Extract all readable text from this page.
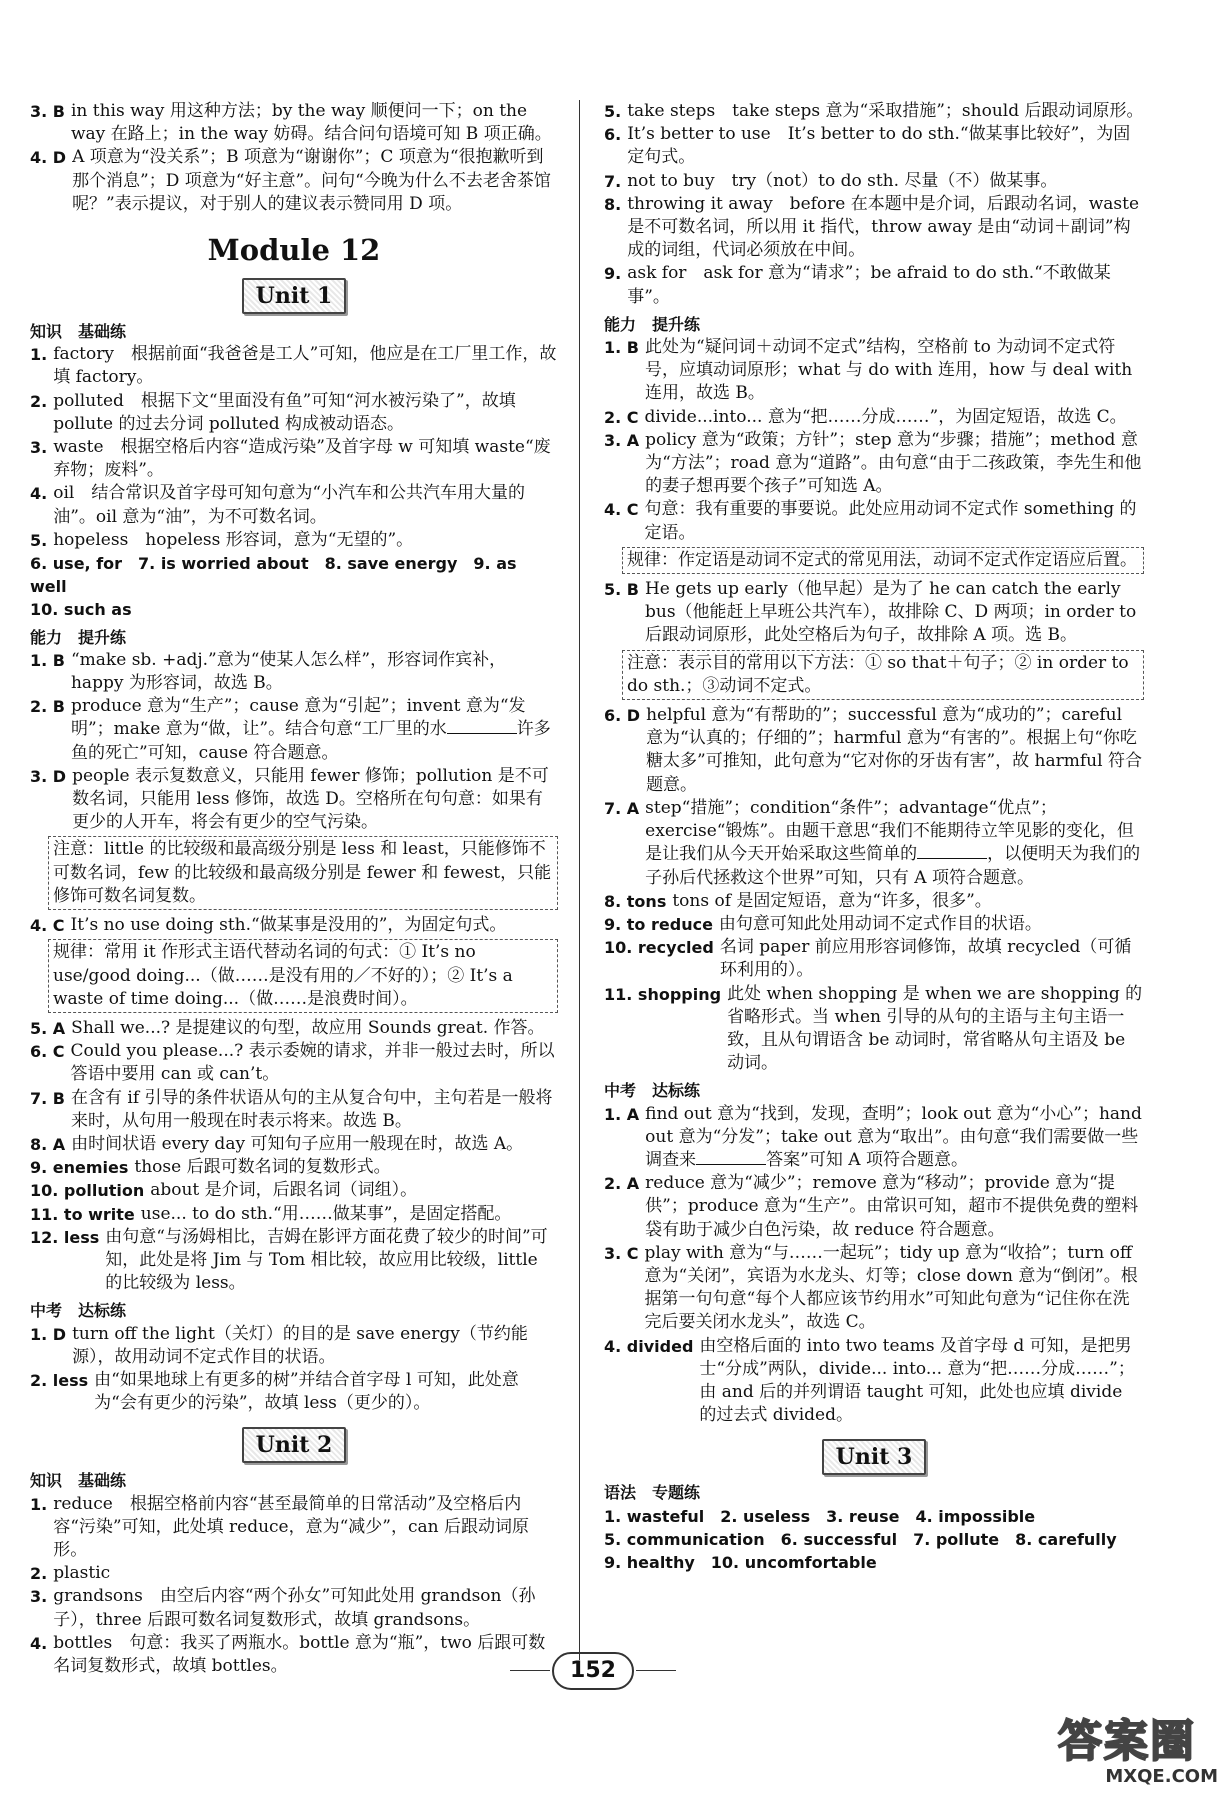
3. B in this way 用这种方法；by the way 顺便问一下；on the way 在路上；in the way 妨碍。结合问句语境可知 B 项正确。
4. D A 项意为“没关系”；B 项意为“谢谢你”；C 项意为“很抱歉听到那个消息”；D 项意为“好主意”。问句“今晚为什么不去老舍茶馆呢？”表示提议，对于别人的建议表示赞同用 D 项。
Module 12
Unit 1
知识　基础练
1. factory　根据前面“我爸爸是工人”可知，他应是在工厂里工作，故填 factory。
2. polluted　根据下文“里面没有鱼”可知“河水被污染了”，故填 pollute 的过去分词 polluted 构成被动语态。
3. waste　根据空格后内容“造成污染”及首字母 w 可知填 waste“废弃物；废料”。
4. oil　结合常识及首字母可知句意为“小汽车和公共汽车用大量的油”。oil 意为“油”，为不可数名词。
5. hopeless　hopeless 形容词，意为“无望的”。

6. use, for　7. is worried about　8. save energy　9. as well

10. such as

能力　提升练
1. B “make sb. +adj.”意为“使某人怎么样”，形容词作宾补，happy 为形容词，故选 B。
2. B produce 意为“生产”；cause 意为“引起”；invent 意为“发明”；make 意为“做，让”。结合句意“工厂里的水	许多鱼的死亡”可知，cause 符合题意。
3. D people 表示复数意义，只能用 fewer 修饰；pollution 是不可数名词，只能用 less 修饰，故选 D。空格所在句句意：如果有更少的人开车，将会有更少的空气污染。
注意：little 的比较级和最高级分别是 less 和 least，只能修饰不可数名词，few 的比较级和最高级分别是 fewer 和 fewest，只能修饰可数名词复数。
4. C It’s no use doing sth.“做某事是没用的”，为固定句式。
规律：常用 it 作形式主语代替动名词的句式：① It’s no use/good doing...（做……是没有用的／不好的）；② It’s a waste of time doing...（做……是浪费时间）。
5. A Shall we...? 是提建议的句型，故应用 Sounds great. 作答。
6. C Could you please...? 表示委婉的请求，并非一般过去时，所以答语中要用 can 或 can’t。
7. B 在含有 if 引导的条件状语从句的主从复合句中，主句若是一般将来时，从句用一般现在时表示将来。故选 B。
8. A 由时间状语 every day 可知句子应用一般现在时，故选 A。
9. enemies those 后跟可数名词的复数形式。
10. pollution about 是介词，后跟名词（词组）。
11. to write use... to do sth.“用……做某事”，是固定搭配。
12. less 由句意“与汤姆相比，吉姆在影评方面花费了较少的时间”可知，此处是将 Jim 与 Tom 相比较，故应用比较级，little 的比较级为 less。
中考　达标练
1. D turn off the light（关灯）的目的是 save energy（节约能源），故用动词不定式作目的状语。
2. less 由“如果地球上有更多的树”并结合首字母 l 可知，此处意为“会有更少的污染”，故填 less（更少的）。
Unit 2
知识　基础练
1. reduce　根据空格前内容“甚至最简单的日常活动”及空格后内容“污染”可知，此处填 reduce，意为“减少”，can 后跟动词原形。
2. plastic
3. grandsons　由空后内容“两个孙女”可知此处用 grandson（孙子），three 后跟可数名词复数形式，故填 grandsons。
4. bottles　句意：我买了两瓶水。bottle 意为“瓶”，two 后跟可数名词复数形式，故填 bottles。
5. take steps　take steps 意为“采取措施”；should 后跟动词原形。
6. It’s better to use　It’s better to do sth.“做某事比较好”，为固定句式。
7. not to buy　try（not）to do sth. 尽量（不）做某事。
8. throwing it away　before 在本题中是介词，后跟动名词，waste 是不可数名词，所以用 it 指代，throw away 是由“动词＋副词”构成的词组，代词必须放在中间。
9. ask for　ask for 意为“请求”；be afraid to do sth.“不敢做某事”。
能力　提升练
1. B 此处为“疑问词＋动词不定式”结构，空格前 to 为动词不定式符号，应填动词原形；what 与 do with 连用，how 与 deal with 连用，故选 B。
2. C divide...into... 意为“把……分成……”，为固定短语，故选 C。
3. A policy 意为“政策；方针”；step 意为“步骤；措施”；method 意为“方法”；road 意为“道路”。由句意“由于二孩政策，李先生和他的妻子想再要个孩子”可知选 A。
4. C 句意：我有重要的事要说。此处应用动词不定式作 something 的定语。
规律：作定语是动词不定式的常见用法，动词不定式作定语应后置。
5. B He gets up early（他早起）是为了 he can catch the early bus（他能赶上早班公共汽车），故排除 C、D 两项；in order to 后跟动词原形，此处空格后为句子，故排除 A 项。选 B。
注意：表示目的常用以下方法：① so that＋句子；② in order to do sth.；③动词不定式。
6. D helpful 意为“有帮助的”；successful 意为“成功的”；careful 意为“认真的；仔细的”；harmful 意为“有害的”。根据上句“你吃糖太多”可推知，此句意为“它对你的牙齿有害”，故 harmful 符合题意。
7. A step“措施”；condition“条件”；advantage“优点”；exercise“锻炼”。由题干意思“我们不能期待立竿见影的变化，但是让我们从今天开始采取这些简单的	，以便明天为我们的子孙后代拯救这个世界”可知，只有 A 项符合题意。
8. tons tons of 是固定短语，意为“许多，很多”。
9. to reduce 由句意可知此处用动词不定式作目的状语。
10. recycled 名词 paper 前应用形容词修饰，故填 recycled（可循环利用的）。
11. shopping 此处 when shopping 是 when we are shopping 的省略形式。当 when 引导的从句的主语与主句主语一致，且从句谓语含 be 动词时，常省略从句主语及 be 动词。
中考　达标练
1. A find out 意为“找到，发现，查明”；look out 意为“小心”；hand out 意为“分发”；take out 意为“取出”。由句意“我们需要做一些调查来	答案”可知 A 项符合题意。
2. A reduce 意为“减少”；remove 意为“移动”；provide 意为“提供”；produce 意为“生产”。由常识可知，超市不提供免费的塑料袋有助于减少白色污染，故 reduce 符合题意。
3. C play with 意为“与……一起玩”；tidy up 意为“收拾”；turn off 意为“关闭”，宾语为水龙头、灯等；close down 意为“倒闭”。根据第一句句意“每个人都应该节约用水”可知此句意为“记住你在洗完后要关闭水龙头”，故选 C。
4. divided 由空格后面的 into two teams 及首字母 d 可知，是把男士“分成”两队，divide... into... 意为“把……分成……”；由 and 后的并列谓语 taught 可知，此处也应填 divide 的过去式 divided。
Unit 3
语法　专题练

1. wasteful　2. useless　3. reuse　4. impossible

5. communication　6. successful　7. pollute　8. carefully

9. healthy　10. uncomfortable

152
答案圈
MXQE.COM
